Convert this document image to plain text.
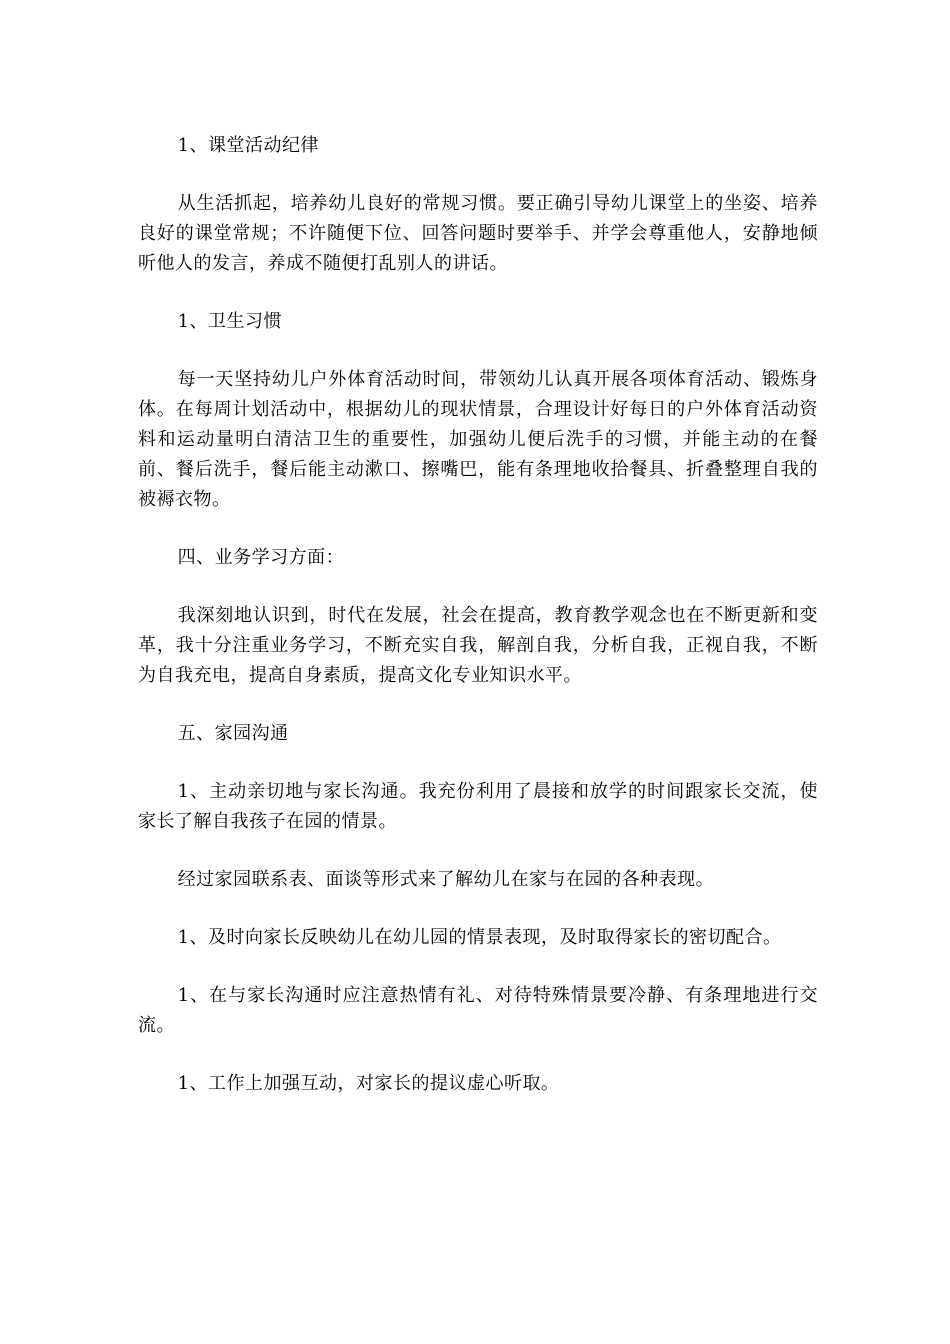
1、课堂活动纪律

从生活抓起，培养幼儿良好的常规习惯。要正确引导幼儿课堂上的坐姿、培养良好的课堂常规；不许随便下位、回答问题时要举手、并学会尊重他人，安静地倾听他人的发言，养成不随便打乱别人的讲话。

1、卫生习惯

每一天坚持幼儿户外体育活动时间，带领幼儿认真开展各项体育活动、锻炼身体。在每周计划活动中，根据幼儿的现状情景，合理设计好每日的户外体育活动资料和运动量明白清洁卫生的重要性，加强幼儿便后洗手的习惯，并能主动的在餐前、餐后洗手，餐后能主动漱口、擦嘴巴，能有条理地收拾餐具、折叠整理自我的被褥衣物。

四、业务学习方面：

我深刻地认识到，时代在发展，社会在提高，教育教学观念也在不断更新和变革，我十分注重业务学习，不断充实自我，解剖自我，分析自我，正视自我，不断为自我充电，提高自身素质，提高文化专业知识水平。

五、家园沟通

1、主动亲切地与家长沟通。我充份利用了晨接和放学的时间跟家长交流，使家长了解自我孩子在园的情景。

经过家园联系表、面谈等形式来了解幼儿在家与在园的各种表现。

1、及时向家长反映幼儿在幼儿园的情景表现，及时取得家长的密切配合。

1、在与家长沟通时应注意热情有礼、对待特殊情景要冷静、有条理地进行交流。

1、工作上加强互动，对家长的提议虚心听取。
